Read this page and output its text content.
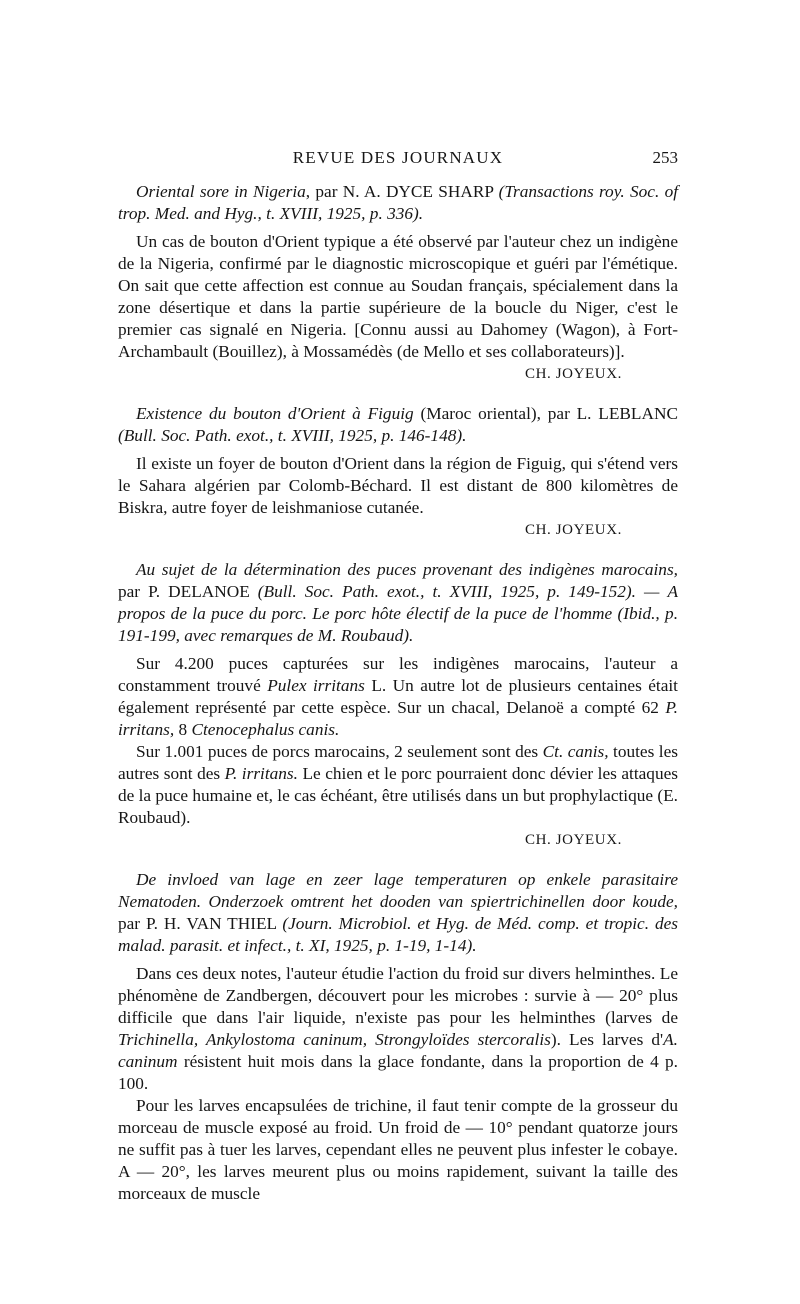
REVUE DES JOURNAUX	253
Oriental sore in Nigeria, par N. A. DYCE SHARP (Transactions roy. Soc. of trop. Med. and Hyg., t. XVIII, 1925, p. 336).
Un cas de bouton d'Orient typique a été observé par l'auteur chez un indigène de la Nigeria, confirmé par le diagnostic microscopique et guéri par l'émétique. On sait que cette affection est connue au Soudan français, spécialement dans la zone désertique et dans la partie supérieure de la boucle du Niger, c'est le premier cas signalé en Nigeria. [Connu aussi au Dahomey (Wagon), à Fort-Archambault (Bouillez), à Mossamédès (de Mello et ses collaborateurs)].
CH. JOYEUX.
Existence du bouton d'Orient à Figuig (Maroc oriental), par L. LEBLANC (Bull. Soc. Path. exot., t. XVIII, 1925, p. 146-148).
Il existe un foyer de bouton d'Orient dans la région de Figuig, qui s'étend vers le Sahara algérien par Colomb-Béchard. Il est distant de 800 kilomètres de Biskra, autre foyer de leishmaniose cutanée.
CH. JOYEUX.
Au sujet de la détermination des puces provenant des indigènes marocains, par P. DELANOE (Bull. Soc. Path. exot., t. XVIII, 1925, p. 149-152). — A propos de la puce du porc. Le porc hôte électif de la puce de l'homme (Ibid., p. 191-199, avec remarques de M. Roubaud).
Sur 4.200 puces capturées sur les indigènes marocains, l'auteur a constamment trouvé Pulex irritans L. Un autre lot de plusieurs centaines était également représenté par cette espèce. Sur un chacal, Delanoë a compté 62 P. irritans, 8 Ctenocephalus canis.
Sur 1.001 puces de porcs marocains, 2 seulement sont des Ct. canis, toutes les autres sont des P. irritans. Le chien et le porc pourraient donc dévier les attaques de la puce humaine et, le cas échéant, être utilisés dans un but prophylactique (E. Roubaud).
CH. JOYEUX.
De invloed van lage en zeer lage temperaturen op enkele parasitaire Nematoden. Onderzoek omtrent het dooden van spiertrichinellen door koude, par P. H. VAN THIEL (Journ. Microbiol. et Hyg. de Méd. comp. et tropic. des malad. parasit. et infect., t. XI, 1925, p. 1-19, 1-14).
Dans ces deux notes, l'auteur étudie l'action du froid sur divers helminthes. Le phénomène de Zandbergen, découvert pour les microbes : survie à — 20° plus difficile que dans l'air liquide, n'existe pas pour les helminthes (larves de Trichinella, Ankylostoma caninum, Strongyloïdes stercoralis). Les larves d'A. caninum résistent huit mois dans la glace fondante, dans la proportion de 4 p. 100.
Pour les larves encapsulées de trichine, il faut tenir compte de la grosseur du morceau de muscle exposé au froid. Un froid de — 10° pendant quatorze jours ne suffit pas à tuer les larves, cependant elles ne peuvent plus infester le cobaye. A — 20°, les larves meurent plus ou moins rapidement, suivant la taille des morceaux de muscle
